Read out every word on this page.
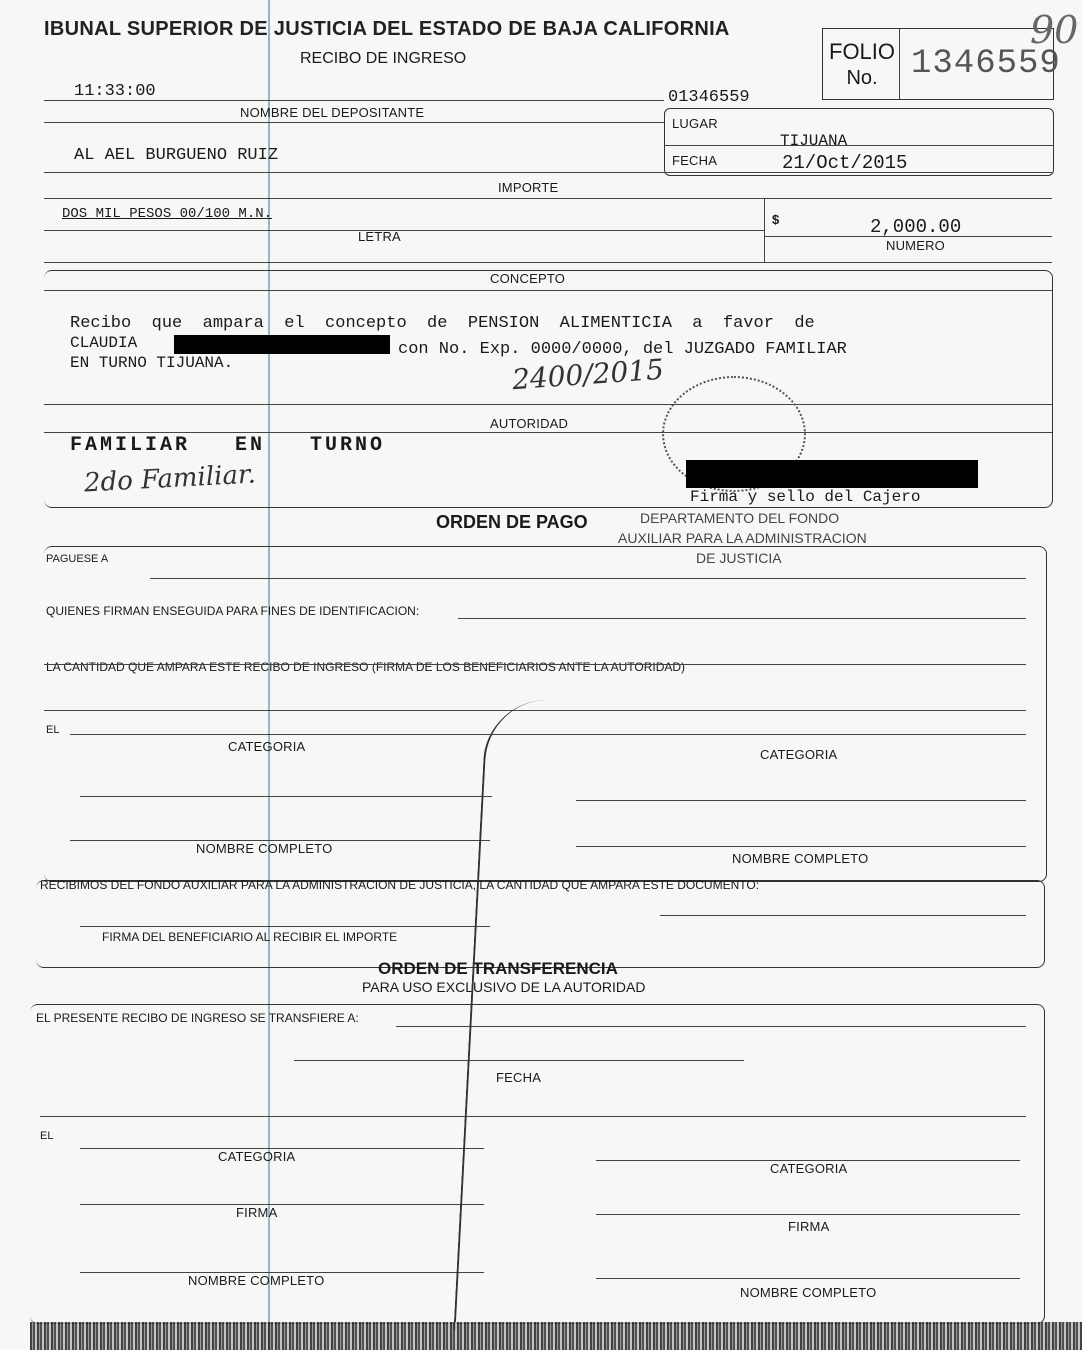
IBUNAL SUPERIOR DE JUSTICIA DEL ESTADO DE BAJA CALIFORNIA
RECIBO DE INGRESO	FOLIO
No. 1346559
90
11:33:00	01346559
NOMBRE DEL DEPOSITANTE
LUGAR
TIJUANA
FECHA	21/Oct/2015
AL AEL BURGUENO RUIZ
IMPORTE
DOS MIL PESOS 00/100 M.N.	$	2,000.00
LETRA
NUMERO
CONCEPTO
Recibo  que  ampara  el  concepto  de  PENSION  ALIMENTICIA  a  favor  de
CLAUDIA	con No. Exp. 0000/0000, del JUZGADO FAMILIAR
EN TURNO TIJUANA.	2400/2015
AUTORIDAD
FAMILIAR   EN   TURNO
2do Familiar.	Firma y sello del Cajero
ORDEN DE PAGO	DEPARTAMENTO DEL FONDO
AUXILIAR PARA LA ADMINISTRACION
DE JUSTICIA
PAGUESE A
QUIENES FIRMAN ENSEGUIDA PARA FINES DE IDENTIFICACION:
LA CANTIDAD QUE AMPARA ESTE RECIBO DE INGRESO (FIRMA DE LOS BENEFICIARIOS ANTE LA AUTORIDAD)
EL
CATEGORIA
CATEGORIA
NOMBRE COMPLETO
NOMBRE COMPLETO
RECIBIMOS DEL FONDO AUXILIAR PARA LA ADMINISTRACION DE JUSTICIA, LA CANTIDAD QUE AMPARA ESTE DOCUMENTO:
FIRMA DEL BENEFICIARIO AL RECIBIR EL IMPORTE
ORDEN DE TRANSFERENCIA
PARA USO EXCLUSIVO DE LA AUTORIDAD
EL PRESENTE RECIBO DE INGRESO SE TRANSFIERE A:
FECHA
EL
CATEGORIA
CATEGORIA
FIRMA
FIRMA
NOMBRE COMPLETO
NOMBRE COMPLETO
